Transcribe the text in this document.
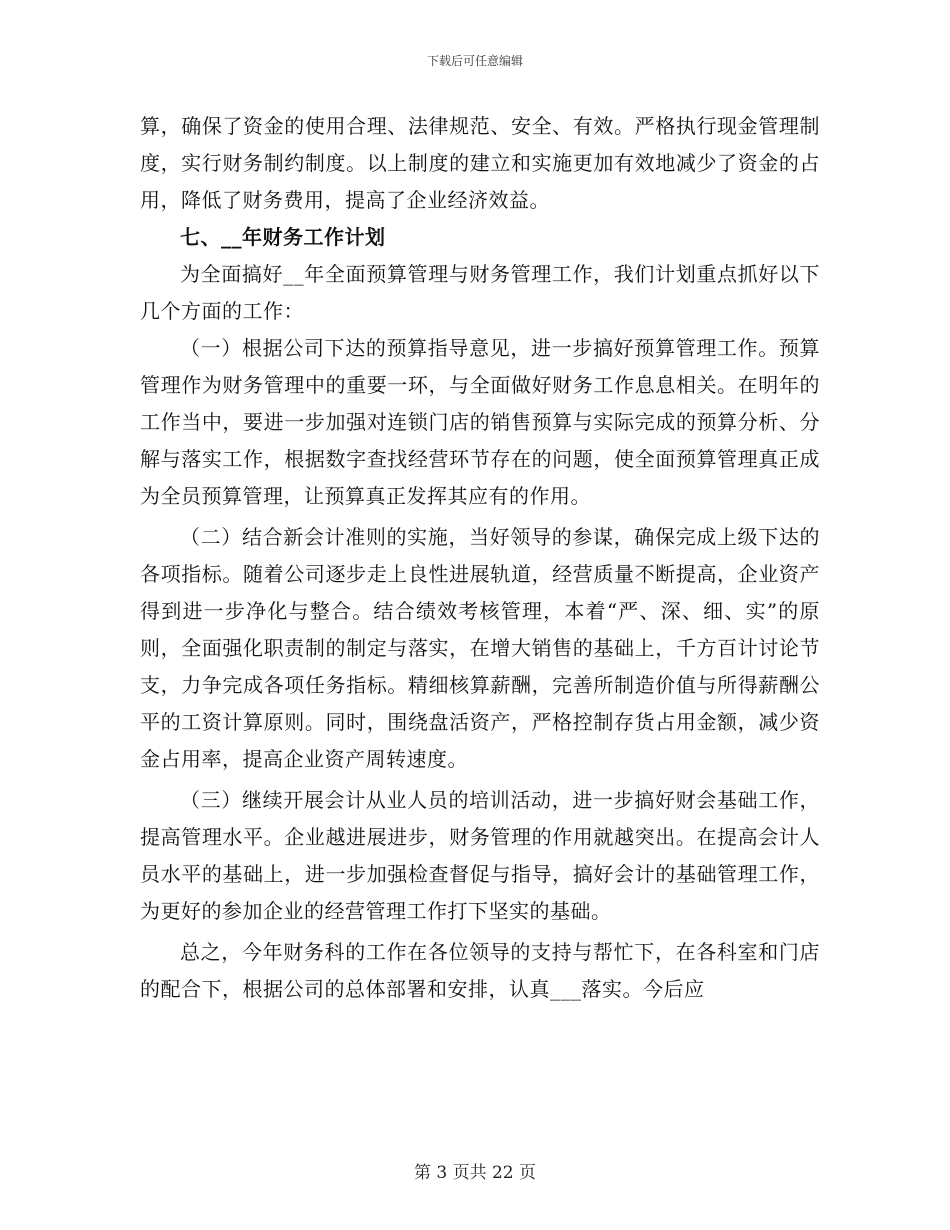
下载后可任意编辑

算，确保了资金的使用合理、法律规范、安全、有效。严格执行现金管理制度，实行财务制约制度。以上制度的建立和实施更加有效地减少了资金的占用，降低了财务费用，提高了企业经济效益。

七、__年财务工作计划

为全面搞好__年全面预算管理与财务管理工作，我们计划重点抓好以下几个方面的工作：

（一）根据公司下达的预算指导意见，进一步搞好预算管理工作。预算管理作为财务管理中的重要一环，与全面做好财务工作息息相关。在明年的工作当中，要进一步加强对连锁门店的销售预算与实际完成的预算分析、分解与落实工作，根据数字查找经营环节存在的问题，使全面预算管理真正成为全员预算管理，让预算真正发挥其应有的作用。

（二）结合新会计准则的实施，当好领导的参谋，确保完成上级下达的各项指标。随着公司逐步走上良性进展轨道，经营质量不断提高，企业资产得到进一步净化与整合。结合绩效考核管理，本着“严、深、细、实”的原则，全面强化职责制的制定与落实，在增大销售的基础上，千方百计讨论节支，力争完成各项任务指标。精细核算薪酬，完善所制造价值与所得薪酬公平的工资计算原则。同时，围绕盘活资产，严格控制存货占用金额，减少资金占用率，提高企业资产周转速度。

（三）继续开展会计从业人员的培训活动，进一步搞好财会基础工作，提高管理水平。企业越进展进步，财务管理的作用就越突出。在提高会计人员水平的基础上，进一步加强检查督促与指导，搞好会计的基础管理工作，为更好的参加企业的经营管理工作打下坚实的基础。

总之，今年财务科的工作在各位领导的支持与帮忙下，在各科室和门店的配合下，根据公司的总体部署和安排，认真___落实。今后应

第 3 页共 22 页
